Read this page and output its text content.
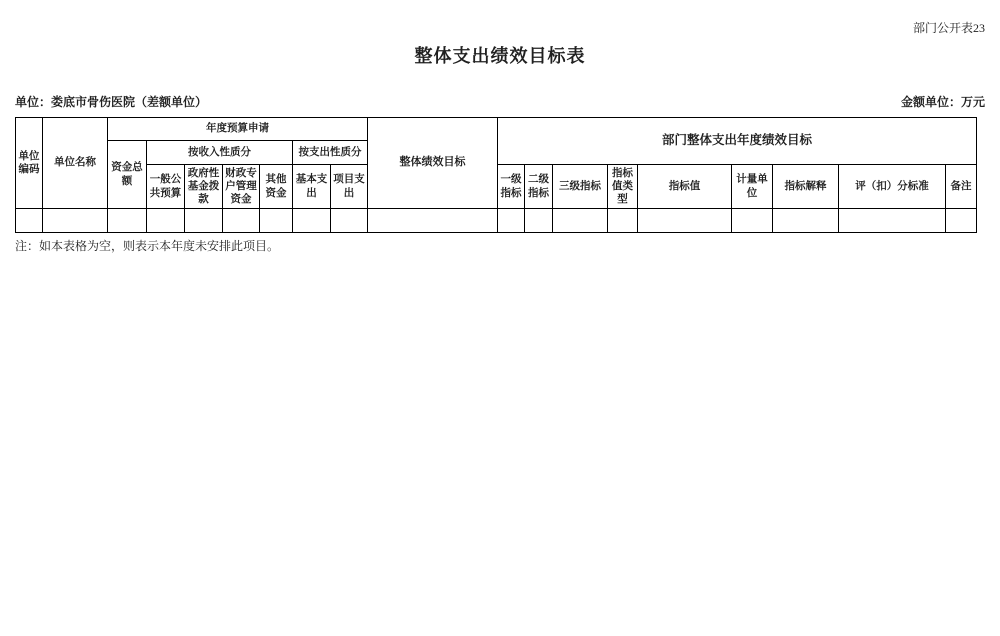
部门公开表23
整体支出绩效目标表
单位：娄底市骨伤医院（差额单位）	金额单位：万元
单位编码	单位名称	年度预算申请							整体绩效目标	部门整体支出年度绩效目标								
		资金总额	按收入性质分				按支出性质分											
			一般公共预算	政府性基金拨款	财政专户管理资金	其他资金	基本支出	项目支出		一级指标	二级指标	三级指标	指标值类型	指标值	计量单位	指标解释	评（扣）分标准	备注

注：如本表格为空，则表示本年度未安排此项目。
